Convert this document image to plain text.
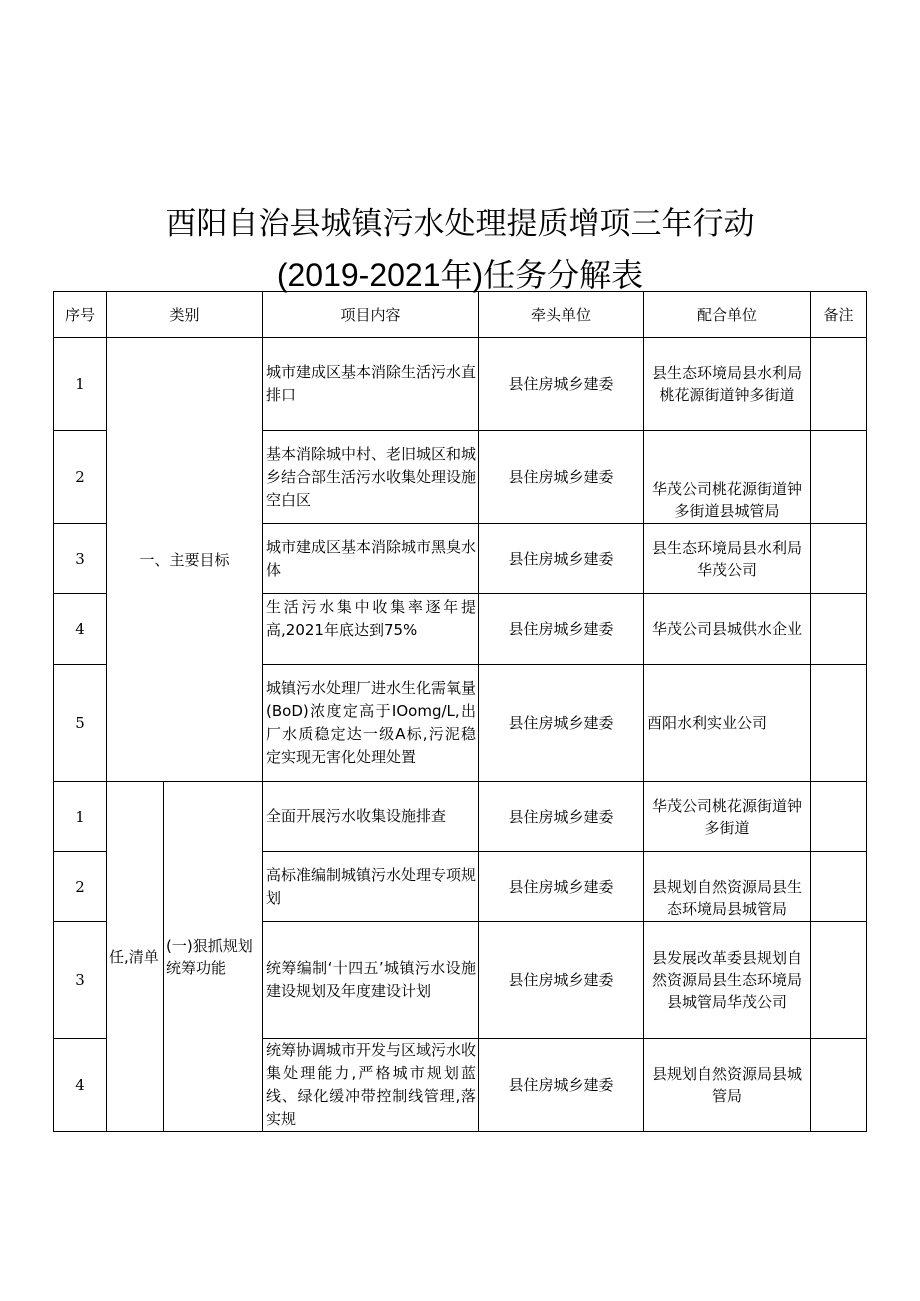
酉阳自治县城镇污水处理提质增项三年行动
(2019-2021年)任务分解表
序号	类别		项目内容	牵头单位	配合单位	备注
1	一、主要目标		城市建成区基本消除生活污水直排口	县住房城乡建委	县生态环境局县水利局桃花源街道钟多街道	
2			基本消除城中村、老旧城区和城乡结合部生活污水收集处理设施空白区	县住房城乡建委	华茂公司桃花源街道钟多街道县城管局	
3			城市建成区基本消除城市黑臭水体	县住房城乡建委	县生态环境局县水利局华茂公司	
4			生活污水集中收集率逐年提高,2021年底达到75%	县住房城乡建委	华茂公司县城供水企业	
5			城镇污水处理厂进水生化需氧量(BoD)浓度定高于IOomg/L,出厂水质稳定达一级A标,污泥稳定实现无害化处理处置	县住房城乡建委	酉阳水利实业公司	
1	任,清单	(一)狠抓规划统筹功能	全面开展污水收集设施排查	县住房城乡建委	华茂公司桃花源街道钟多街道	
2			高标准编制城镇污水处理专项规划	县住房城乡建委	县规划自然资源局县生态环境局县城管局	
3			统筹编制‘十四五’城镇污水设施建设规划及年度建设计划	县住房城乡建委	县发展改革委县规划自然资源局县生态环境局县城管局华茂公司	
4			统筹协调城市开发与区域污水收集处理能力,严格城市规划蓝线、绿化缓冲带控制线管理,落实规	县住房城乡建委	县规划自然资源局县城管局	
